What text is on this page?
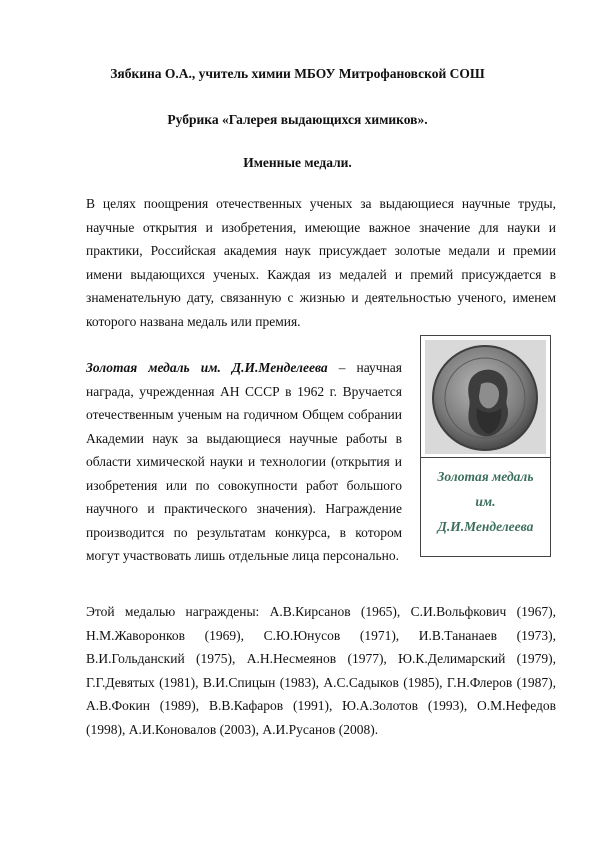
Зябкина О.А., учитель химии МБОУ Митрофановской СОШ
Рубрика «Галерея выдающихся химиков».
Именные медали.
В целях поощрения отечественных ученых за выдающиеся научные труды, научные открытия и изобретения, имеющие важное значение для науки и практики, Российская академия наук присуждает золотые медали и премии имени выдающихся ученых. Каждая из медалей и премий присуждается в знаменательную дату, связанную с жизнью и деятельностью ученого, именем которого названа медаль или премия.
Золотая медаль им. Д.И.Менделеева – научная награда, учрежденная АН СССР в 1962 г. Вручается отечественным ученым на годичном Общем собрании Академии наук за выдающиеся научные работы в области химической науки и технологии (открытия и изобретения или по совокупности работ большого научного и практического значения). Награждение производится по результатам конкурса, в котором могут участвовать лишь отдельные лица персонально.
Золотая медаль
им.
Д.И.Менделеева
Этой медалью награждены: А.В.Кирсанов (1965), С.И.Вольфкович (1967), Н.М.Жаворонков (1969), С.Ю.Юнусов (1971), И.В.Тананаев (1973), В.И.Гольданский (1975), А.Н.Несмеянов (1977), Ю.К.Делимарский (1979), Г.Г.Девятых (1981), В.И.Спицын (1983), А.С.Садыков (1985), Г.Н.Флеров (1987), А.В.Фокин (1989), В.В.Кафаров (1991), Ю.А.Золотов (1993), О.М.Нефедов (1998), А.И.Коновалов (2003), А.И.Русанов (2008).
